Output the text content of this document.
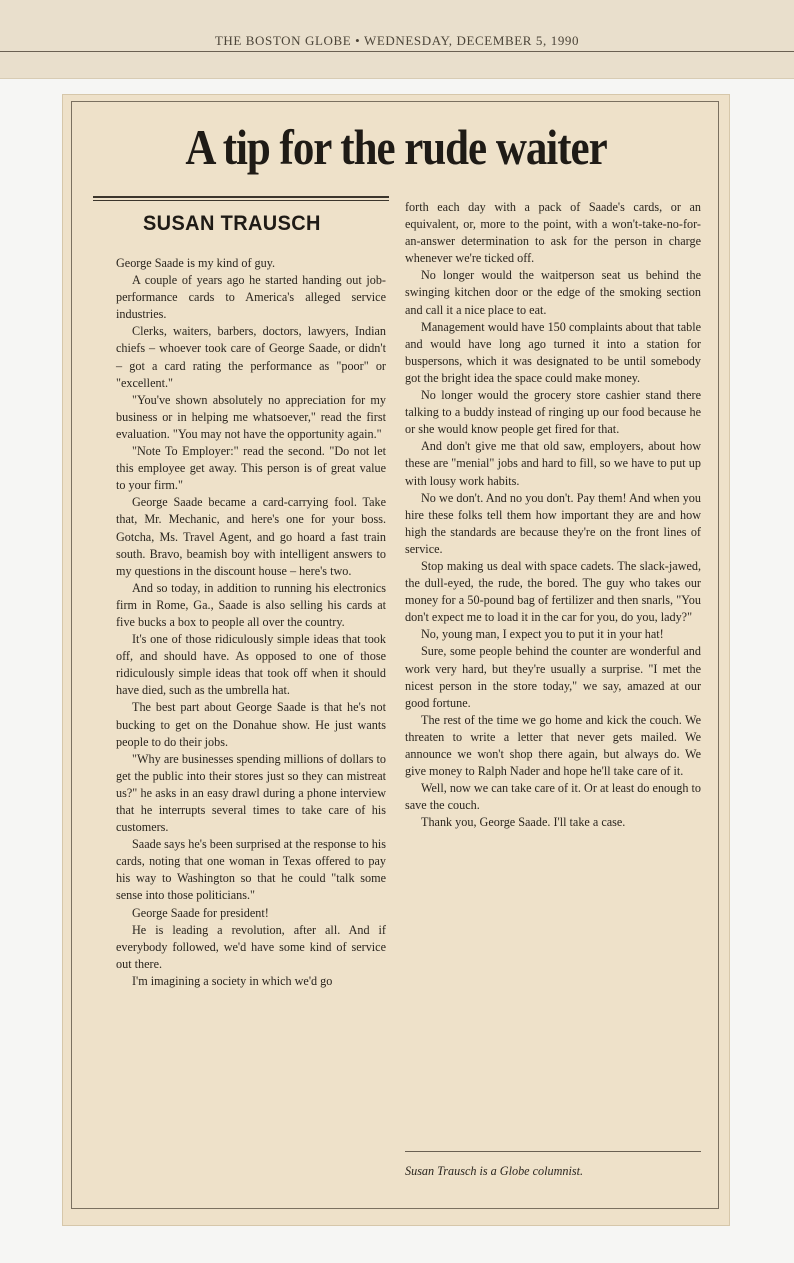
THE BOSTON GLOBE • WEDNESDAY, DECEMBER 5, 1990
A tip for the rude waiter
SUSAN TRAUSCH

George Saade is my kind of guy.

A couple of years ago he started handing out job-performance cards to America's alleged service industries.

Clerks, waiters, barbers, doctors, lawyers, Indian chiefs – whoever took care of George Saade, or didn't – got a card rating the performance as "poor" or "excellent."

"You've shown absolutely no appreciation for my business or in helping me whatsoever," read the first evaluation. "You may not have the opportunity again."

"Note To Employer:" read the second. "Do not let this employee get away. This person is of great value to your firm."

George Saade became a card-carrying fool. Take that, Mr. Mechanic, and here's one for your boss. Gotcha, Ms. Travel Agent, and go hoard a fast train south. Bravo, beamish boy with intelligent answers to my questions in the discount house – here's two.

And so today, in addition to running his electronics firm in Rome, Ga., Saade is also selling his cards at five bucks a box to people all over the country.

It's one of those ridiculously simple ideas that took off, and should have. As opposed to one of those ridiculously simple ideas that took off when it should have died, such as the umbrella hat.

The best part about George Saade is that he's not bucking to get on the Donahue show. He just wants people to do their jobs.

"Why are businesses spending millions of dollars to get the public into their stores just so they can mistreat us?" he asks in an easy drawl during a phone interview that he interrupts several times to take care of his customers.

Saade says he's been surprised at the response to his cards, noting that one woman in Texas offered to pay his way to Washington so that he could "talk some sense into those politicians."

George Saade for president!

He is leading a revolution, after all. And if everybody followed, we'd have some kind of service out there.

I'm imagining a society in which we'd go

forth each day with a pack of Saade's cards, or an equivalent, or, more to the point, with a won't-take-no-for-an-answer determination to ask for the person in charge whenever we're ticked off.

No longer would the waitperson seat us behind the swinging kitchen door or the edge of the smoking section and call it a nice place to eat.

Management would have 150 complaints about that table and would have long ago turned it into a station for buspersons, which it was designated to be until somebody got the bright idea the space could make money.

No longer would the grocery store cashier stand there talking to a buddy instead of ringing up our food because he or she would know people get fired for that.

And don't give me that old saw, employers, about how these are "menial" jobs and hard to fill, so we have to put up with lousy work habits.

No we don't. And no you don't. Pay them! And when you hire these folks tell them how important they are and how high the standards are because they're on the front lines of service.

Stop making us deal with space cadets. The slack-jawed, the dull-eyed, the rude, the bored. The guy who takes our money for a 50-pound bag of fertilizer and then snarls, "You don't expect me to load it in the car for you, do you, lady?"

No, young man, I expect you to put it in your hat!

Sure, some people behind the counter are wonderful and work very hard, but they're usually a surprise. "I met the nicest person in the store today," we say, amazed at our good fortune.

The rest of the time we go home and kick the couch. We threaten to write a letter that never gets mailed. We announce we won't shop there again, but always do. We give money to Ralph Nader and hope he'll take care of it.

Well, now we can take care of it. Or at least do enough to save the couch.

Thank you, George Saade. I'll take a case.

Susan Trausch is a Globe columnist.
